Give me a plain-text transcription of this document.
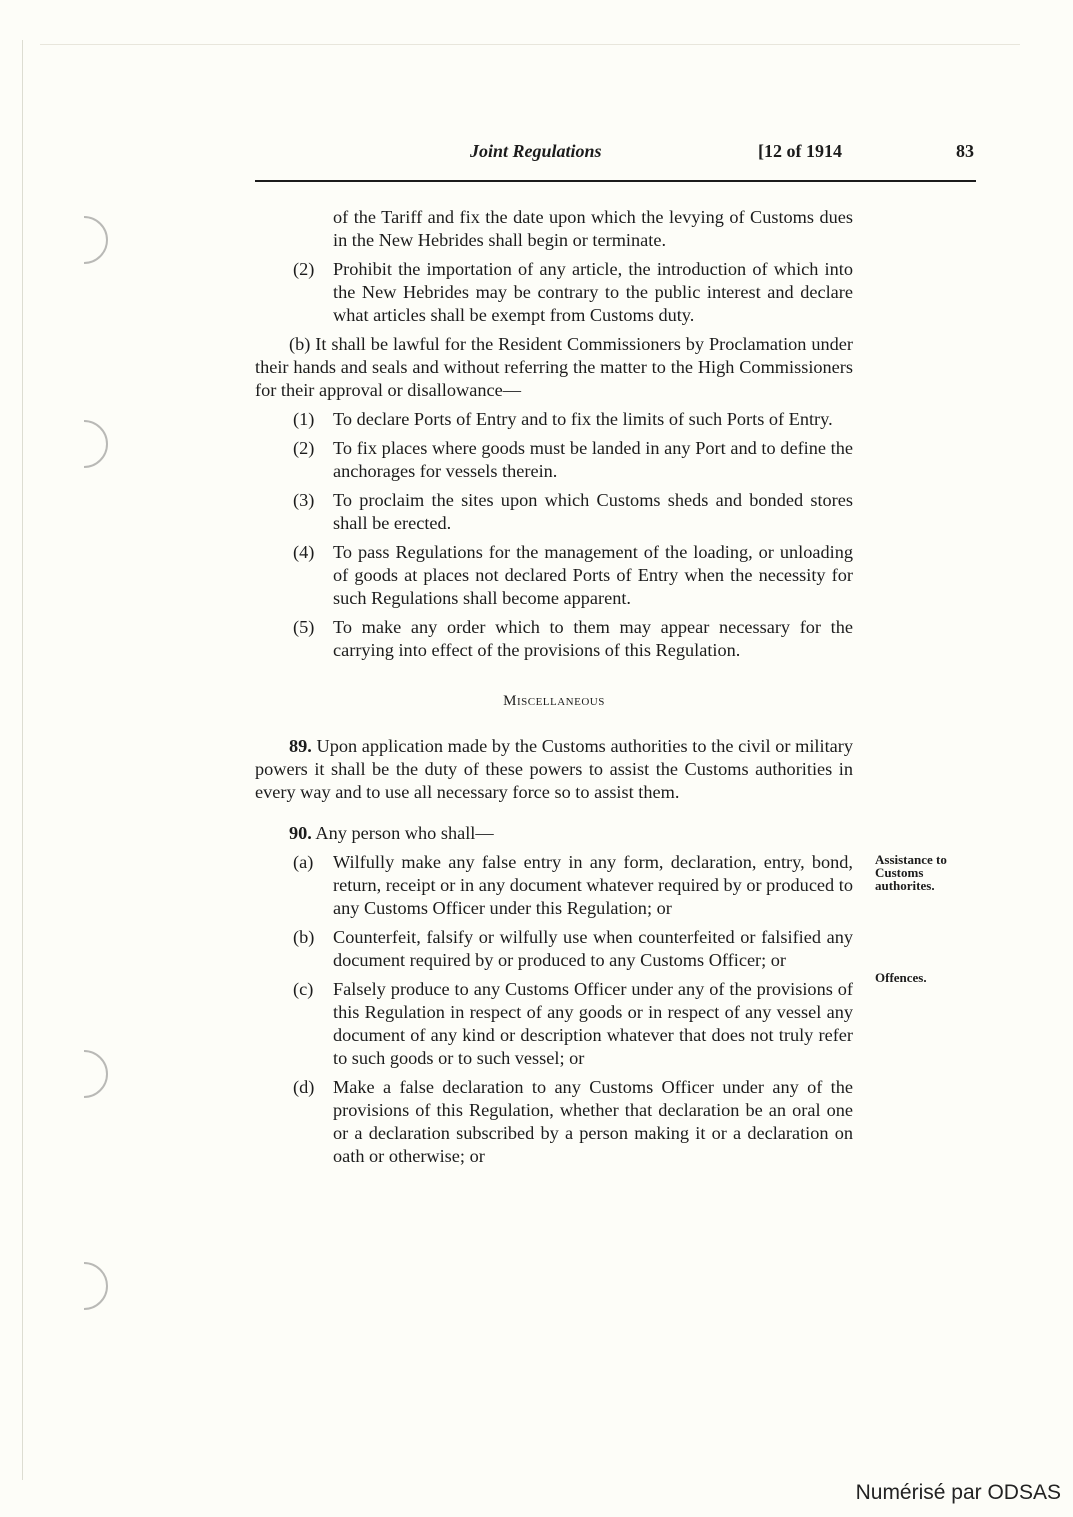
Joint Regulations	[12 of 1914	83

of the Tariff and fix the date upon which the levying of Customs dues in the New Hebrides shall begin or terminate.

(2)	Prohibit the importation of any article, the introduction of which into the New Hebrides may be contrary to the public interest and declare what articles shall be exempt from Customs duty.

(b) It shall be lawful for the Resident Commissioners by Proclamation under their hands and seals and without referring the matter to the High Commissioners for their approval or disallowance—

(1)	To declare Ports of Entry and to fix the limits of such Ports of Entry.
(2)	To fix places where goods must be landed in any Port and to define the anchorages for vessels therein.
(3)	To proclaim the sites upon which Customs sheds and bonded stores shall be erected.
(4)	To pass Regulations for the management of the loading, or unloading of goods at places not declared Ports of Entry when the necessity for such Regulations shall become apparent.
(5)	To make any order which to them may appear necessary for the carrying into effect of the provisions of this Regulation.
Miscellaneous

89. Upon application made by the Customs authorities to the civil or military powers it shall be the duty of these powers to assist the Customs authorities in every way and to use all necessary force so to assist them.

90. Any person who shall—

(a)	Wilfully make any false entry in any form, declaration, entry, bond, return, receipt or in any document whatever required by or produced to any Customs Officer under this Regulation; or
(b)	Counterfeit, falsify or wilfully use when counterfeited or falsified any document required by or produced to any Customs Officer; or
(c)	Falsely produce to any Customs Officer under any of the provisions of this Regulation in respect of any goods or in respect of any vessel any document of any kind or description whatever that does not truly refer to such goods or to such vessel; or
(d)	Make a false declaration to any Customs Officer under any of the provisions of this Regulation, whether that declaration be an oral one or a declaration subscribed by a person making it or a declaration on oath or otherwise; or
Assistance to Customs authorites.
Offences.
Numérisé par ODSAS
